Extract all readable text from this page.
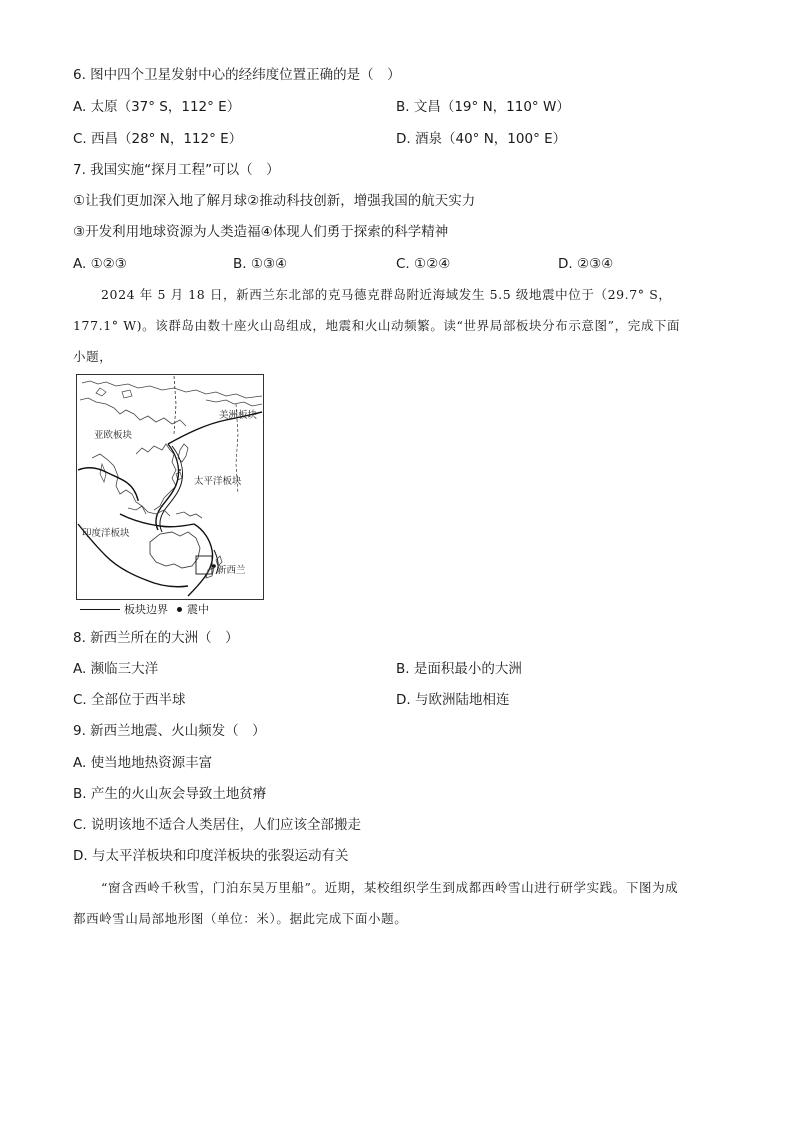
6. 图中四个卫星发射中心的经纬度位置正确的是（　）
A. 太原（37° S，112° E）	B. 文昌（19° N，110° W）
C. 西昌（28° N，112° E）	D. 酒泉（40° N，100° E）
7. 我国实施“探月工程”可以（　）
①让我们更加深入地了解月球②推动科技创新，增强我国的航天实力
③开发利用地球资源为人类造福④体现人们勇于探索的科学精神
A. ①②③	B. ①③④	C. ①②④	D. ②③④
2024 年 5 月 18 日，新西兰东北部的克马德克群岛附近海域发生 5.5 级地震中位于（29.7° S，
177.1° W)。该群岛由数十座火山岛组成，地震和火山动频繁。读“世界局部板块分布示意图”，完成下面
小题，
亚欧板块
美洲板块
太平洋板块
印度洋板块
新西兰
板块边界 震中
8. 新西兰所在的大洲（　）
A. 濒临三大洋	B. 是面积最小的大洲
C. 全部位于西半球	D. 与欧洲陆地相连
9. 新西兰地震、火山频发（　）
A. 使当地地热资源丰富
B. 产生的火山灰会导致土地贫瘠
C. 说明该地不适合人类居住，人们应该全部搬走
D. 与太平洋板块和印度洋板块的张裂运动有关
“窗含西岭千秋雪，门泊东吴万里船”。近期，某校组织学生到成都西岭雪山进行研学实践。下图为成
都西岭雪山局部地形图（单位：米）。据此完成下面小题。
